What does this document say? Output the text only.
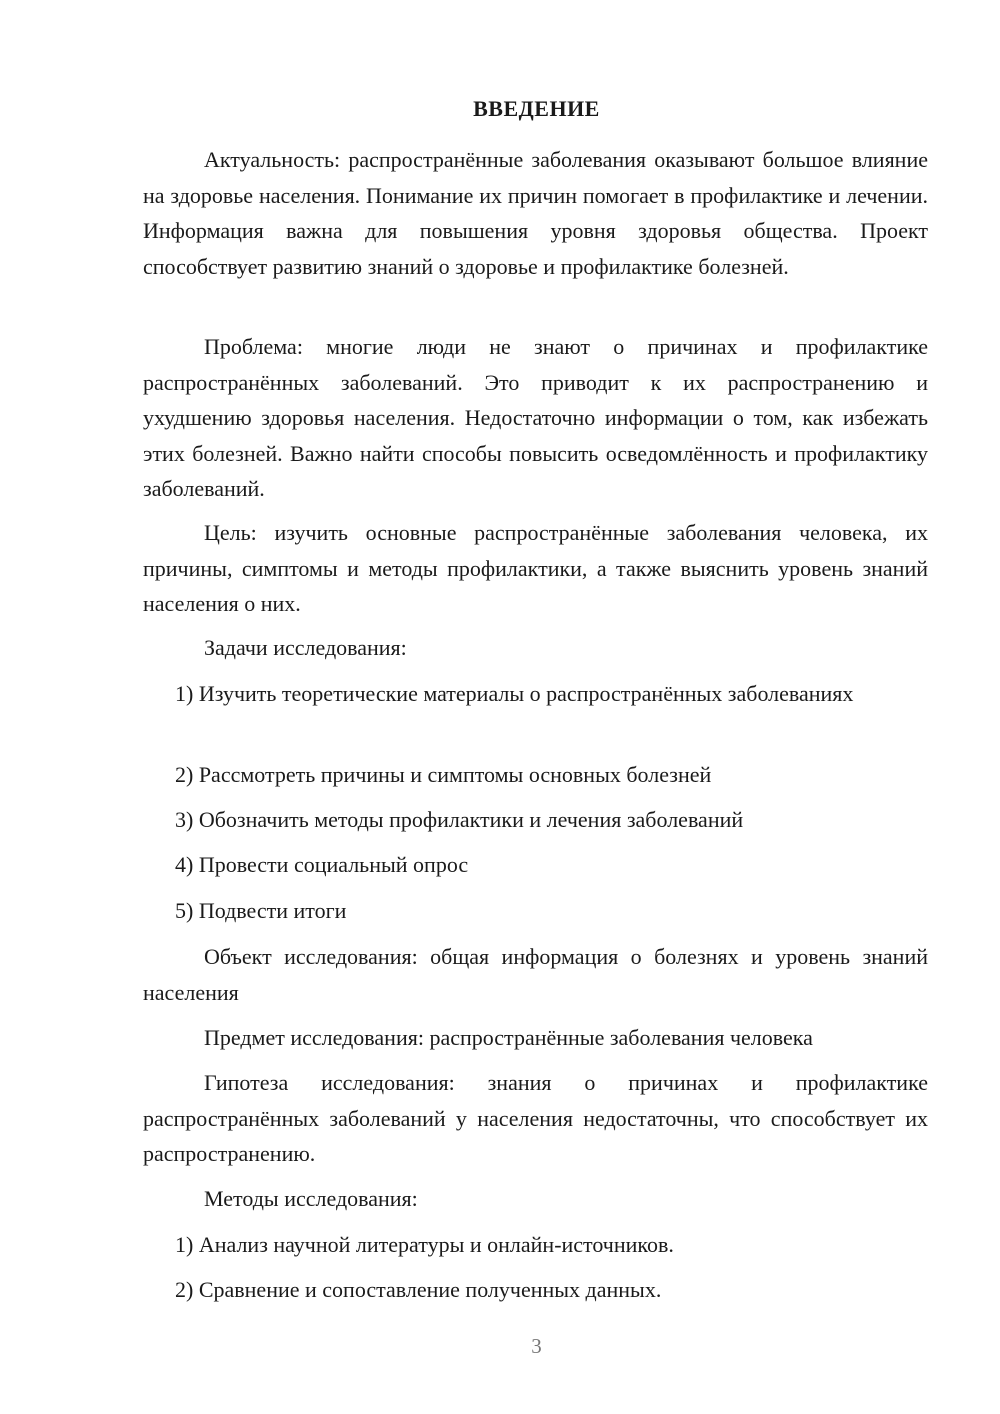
ВВЕДЕНИЕ

Актуальность: распространённые заболевания оказывают большое влияние на здоровье населения. Понимание их причин помогает в профилактике и лечении. Информация важна для повышения уровня здоровья общества. Проект способствует развитию знаний о здоровье и профилактике болезней.

Проблема: многие люди не знают о причинах и профилактике распространённых заболеваний. Это приводит к их распространению и ухудшению здоровья населения. Недостаточно информации о том, как избежать этих болезней. Важно найти способы повысить осведомлённость и профилактику заболеваний.

Цель: изучить основные распространённые заболевания человека, их причины, симптомы и методы профилактики, а также выяснить уровень знаний населения о них.

Задачи исследования:

1) Изучить теоретические материалы о распространённых заболеваниях

2) Рассмотреть причины и симптомы основных болезней

3) Обозначить методы профилактики и лечения заболеваний

4) Провести социальный опрос

5) Подвести итоги

Объект исследования: общая информация о болезнях и уровень знаний населения

Предмет исследования: распространённые заболевания человека

Гипотеза исследования: знания о причинах и профилактике распространённых заболеваний у населения недостаточны, что способствует их распространению.

Методы исследования:

1) Анализ научной литературы и онлайн-источников.

2) Сравнение и сопоставление полученных данных.

3
